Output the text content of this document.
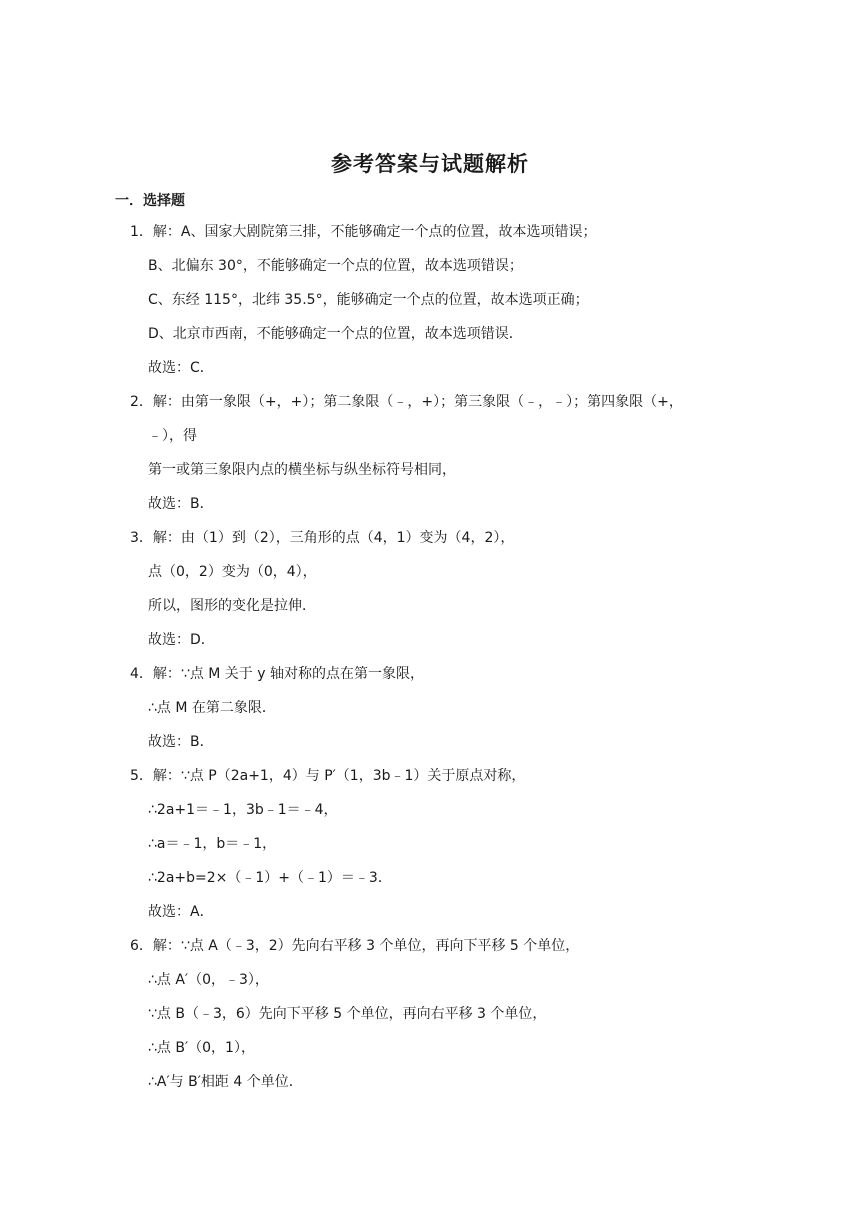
参考答案与试题解析
一．选择题
1．解：A、国家大剧院第三排，不能够确定一个点的位置，故本选项错误；
B、北偏东 30°，不能够确定一个点的位置，故本选项错误；
C、东经 115°，北纬 35.5°，能够确定一个点的位置，故本选项正确；
D、北京市西南，不能够确定一个点的位置，故本选项错误．
故选：C．
2．解：由第一象限（+，+）；第二象限（﹣，+）；第三象限（﹣，﹣）；第四象限（+，
﹣），得
第一或第三象限内点的横坐标与纵坐标符号相同，
故选：B．
3．解：由（1）到（2），三角形的点（4，1）变为（4，2），
点（0，2）变为（0，4），
所以，图形的变化是拉伸．
故选：D．
4．解：∵点 M 关于 y 轴对称的点在第一象限，
∴点 M 在第二象限．
故选：B．
5．解：∵点 P（2a+1，4）与 P′（1，3b﹣1）关于原点对称，
∴2a+1＝﹣1，3b﹣1＝﹣4，
∴a＝﹣1，b＝﹣1，
∴2a+b=2×（﹣1）+（﹣1）＝﹣3．
故选：A．
6．解：∵点 A（﹣3，2）先向右平移 3 个单位，再向下平移 5 个单位，
∴点 A′（0，﹣3），
∵点 B（﹣3，6）先向下平移 5 个单位，再向右平移 3 个单位，
∴点 B′（0，1），
∴A′与 B′相距 4 个单位．
